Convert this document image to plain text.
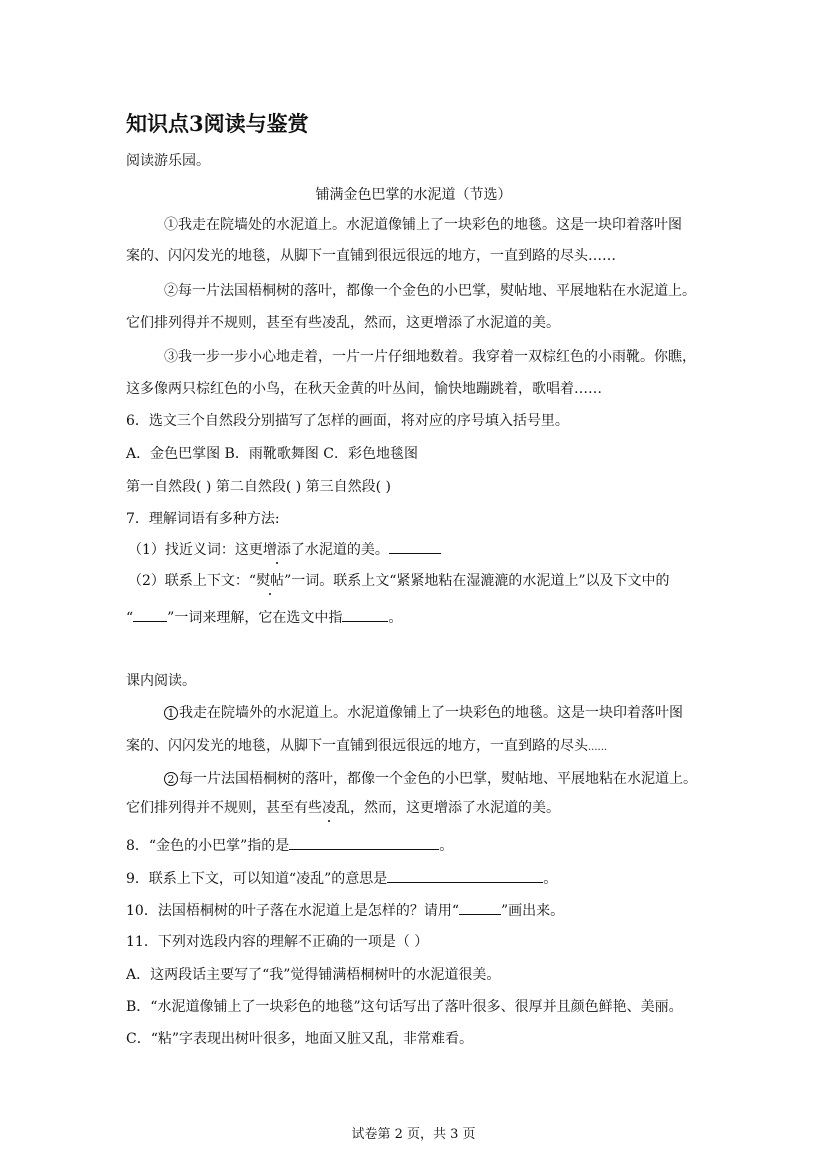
知识点3阅读与鉴赏
阅读游乐园。
铺满金色巴掌的水泥道（节选）
①我走在院墙处的水泥道上。水泥道像铺上了一块彩色的地毯。这是一块印着落叶图
案的、闪闪发光的地毯，从脚下一直铺到很远很远的地方，一直到路的尽头……
②每一片法国梧桐树的落叶，都像一个金色的小巴掌，熨帖地、平展地粘在水泥道上。
它们排列得并不规则，甚至有些凌乱，然而，这更增添了水泥道的美。
③我一步一步小心地走着，一片一片仔细地数着。我穿着一双棕红色的小雨靴。你瞧，
这多像两只棕红色的小鸟，在秋天金黄的叶丛间，愉快地蹦跳着，歌唱着……
6．选文三个自然段分别描写了怎样的画面，将对应的序号填入括号里。
A．金色巴掌图 B．雨靴歌舞图 C．彩色地毯图
第一自然段( ) 第二自然段( ) 第三自然段( )
7．理解词语有多种方法:
（1）找近义词：这更增添了水泥道的美。
（2）联系上下文：“熨帖”一词。联系上文“紧紧地粘在湿漉漉的水泥道上”以及下文中的
“ ”一词来理解，它在选文中指	。
课内阅读。
1 我走在院墙外的水泥道上。水泥道像铺上了一块彩色的地毯。这是一块印着落叶图
案的、闪闪发光的地毯，从脚下一直铺到很远很远的地方，一直到路的尽头......
2 每一片法国梧桐树的落叶，都像一个金色的小巴掌，熨帖地、平展地粘在水泥道上。
它们排列得并不规则，甚至有些凌乱，然而，这更增添了水泥道的美。
8．“金色的小巴掌”指的是	。
9．联系上下文，可以知道“凌乱”的意思是	。
10．法国梧桐树的叶子落在水泥道上是怎样的？请用“	”画出来。
11．下列对选段内容的理解不正确的一项是（ ）
A．这两段话主要写了“我”觉得铺满梧桐树叶的水泥道很美。
B．“水泥道像铺上了一块彩色的地毯”这句话写出了落叶很多、很厚并且颜色鲜艳、美丽。
C．“粘”字表现出树叶很多，地面又脏又乱，非常难看。
试卷第 2 页，共 3 页
